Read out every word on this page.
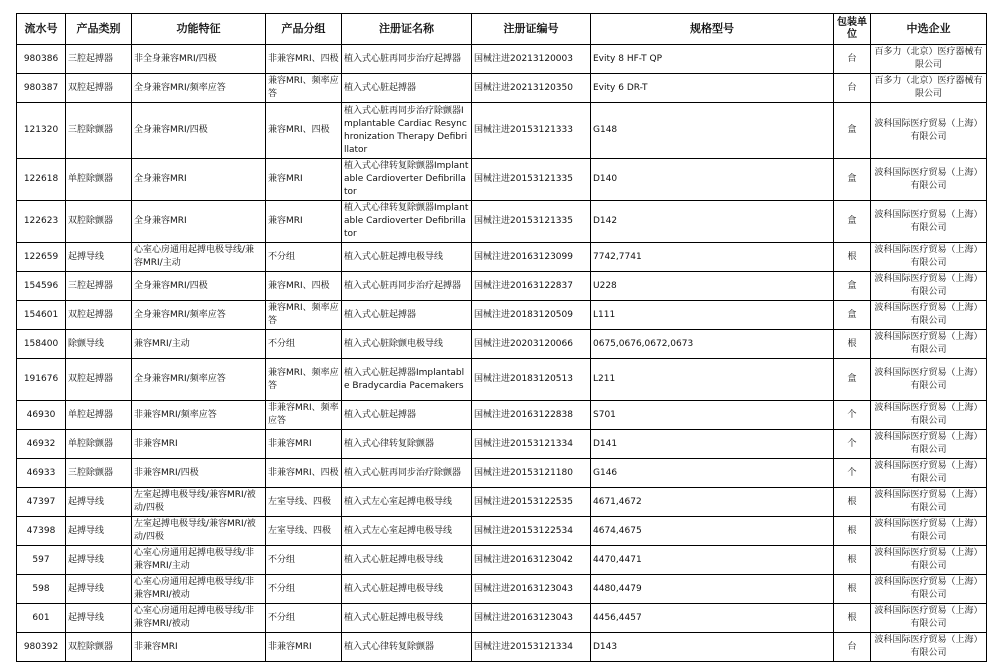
流水号	产品类别	功能特征	产品分组	注册证名称	注册证编号	规格型号	包装单位	中选企业
980386	三腔起搏器	非全身兼容MRI/四极	非兼容MRI、四极	植入式心脏再同步治疗起搏器	国械注进20213120003	Evity 8 HF-T QP	台	百多力（北京）医疗器械有限公司
980387	双腔起搏器	全身兼容MRI/频率应答	兼容MRI、频率应答	植入式心脏起搏器	国械注进20213120350	Evity 6 DR-T	台	百多力（北京）医疗器械有限公司
121320	三腔除颤器	全身兼容MRI/四极	兼容MRI、四极	植入式心脏再同步治疗除颤器Implantable Cardiac Resynchronization Therapy Defibrillator	国械注进20153121333	G148	盒	波科国际医疗贸易（上海）有限公司
122618	单腔除颤器	全身兼容MRI	兼容MRI	植入式心律转复除颤器Implantable Cardioverter Defibrillator	国械注进20153121335	D140	盒	波科国际医疗贸易（上海）有限公司
122623	双腔除颤器	全身兼容MRI	兼容MRI	植入式心律转复除颤器Implantable Cardioverter Defibrillator	国械注进20153121335	D142	盒	波科国际医疗贸易（上海）有限公司
122659	起搏导线	心室心房通用起搏电极导线/兼容MRI/主动	不分组	植入式心脏起搏电极导线	国械注进20163123099	7742,7741	根	波科国际医疗贸易（上海）有限公司
154596	三腔起搏器	全身兼容MRI/四极	兼容MRI、四极	植入式心脏再同步治疗起搏器	国械注进20163122837	U228	盒	波科国际医疗贸易（上海）有限公司
154601	双腔起搏器	全身兼容MRI/频率应答	兼容MRI、频率应答	植入式心脏起搏器	国械注进20183120509	L111	盒	波科国际医疗贸易（上海）有限公司
158400	除颤导线	兼容MRI/主动	不分组	植入式心脏除颤电极导线	国械注进20203120066	0675,0676,0672,0673	根	波科国际医疗贸易（上海）有限公司
191676	双腔起搏器	全身兼容MRI/频率应答	兼容MRI、频率应答	植入式心脏起搏器Implantable Bradycardia Pacemakers	国械注进20183120513	L211	盒	波科国际医疗贸易（上海）有限公司
46930	单腔起搏器	非兼容MRI/频率应答	非兼容MRI、频率应答	植入式心脏起搏器	国械注进20163122838	S701	个	波科国际医疗贸易（上海）有限公司
46932	单腔除颤器	非兼容MRI	非兼容MRI	植入式心律转复除颤器	国械注进20153121334	D141	个	波科国际医疗贸易（上海）有限公司
46933	三腔除颤器	非兼容MRI/四极	非兼容MRI、四极	植入式心脏再同步治疗除颤器	国械注进20153121180	G146	个	波科国际医疗贸易（上海）有限公司
47397	起搏导线	左室起搏电极导线/兼容MRI/被动/四极	左室导线、四极	植入式左心室起搏电极导线	国械注进20153122535	4671,4672	根	波科国际医疗贸易（上海）有限公司
47398	起搏导线	左室起搏电极导线/兼容MRI/被动/四极	左室导线、四极	植入式左心室起搏电极导线	国械注进20153122534	4674,4675	根	波科国际医疗贸易（上海）有限公司
597	起搏导线	心室心房通用起搏电极导线/非兼容MRI/主动	不分组	植入式心脏起搏电极导线	国械注进20163123042	4470,4471	根	波科国际医疗贸易（上海）有限公司
598	起搏导线	心室心房通用起搏电极导线/非兼容MRI/被动	不分组	植入式心脏起搏电极导线	国械注进20163123043	4480,4479	根	波科国际医疗贸易（上海）有限公司
601	起搏导线	心室心房通用起搏电极导线/非兼容MRI/被动	不分组	植入式心脏起搏电极导线	国械注进20163123043	4456,4457	根	波科国际医疗贸易（上海）有限公司
980392	双腔除颤器	非兼容MRI	非兼容MRI	植入式心律转复除颤器	国械注进20153121334	D143	台	波科国际医疗贸易（上海）有限公司
